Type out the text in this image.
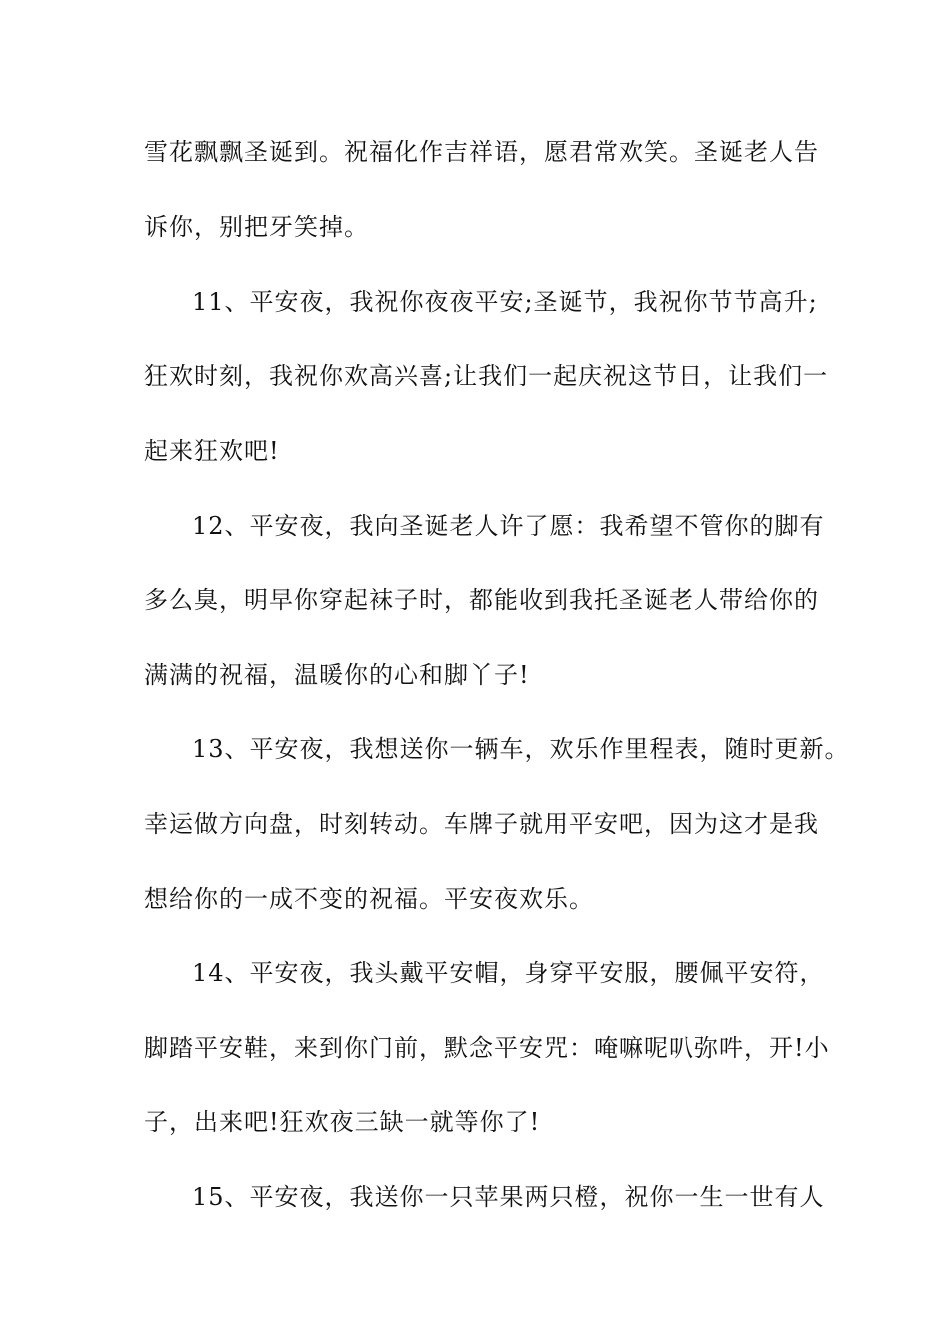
雪花飘飘圣诞到。祝福化作吉祥语，愿君常欢笑。圣诞老人告
诉你，别把牙笑掉。
11、平安夜，我祝你夜夜平安;圣诞节，我祝你节节高升;
狂欢时刻，我祝你欢高兴喜;让我们一起庆祝这节日，让我们一
起来狂欢吧!
12、平安夜，我向圣诞老人许了愿：我希望不管你的脚有
多么臭，明早你穿起袜子时，都能收到我托圣诞老人带给你的
满满的祝福，温暖你的心和脚丫子!
13、平安夜，我想送你一辆车，欢乐作里程表，随时更新。
幸运做方向盘，时刻转动。车牌子就用平安吧，因为这才是我
想给你的一成不变的祝福。平安夜欢乐。
14、平安夜，我头戴平安帽，身穿平安服，腰佩平安符，
脚踏平安鞋，来到你门前，默念平安咒：唵嘛呢叭弥吽，开!小
子，出来吧!狂欢夜三缺一就等你了!
15、平安夜，我送你一只苹果两只橙，祝你一生一世有人
